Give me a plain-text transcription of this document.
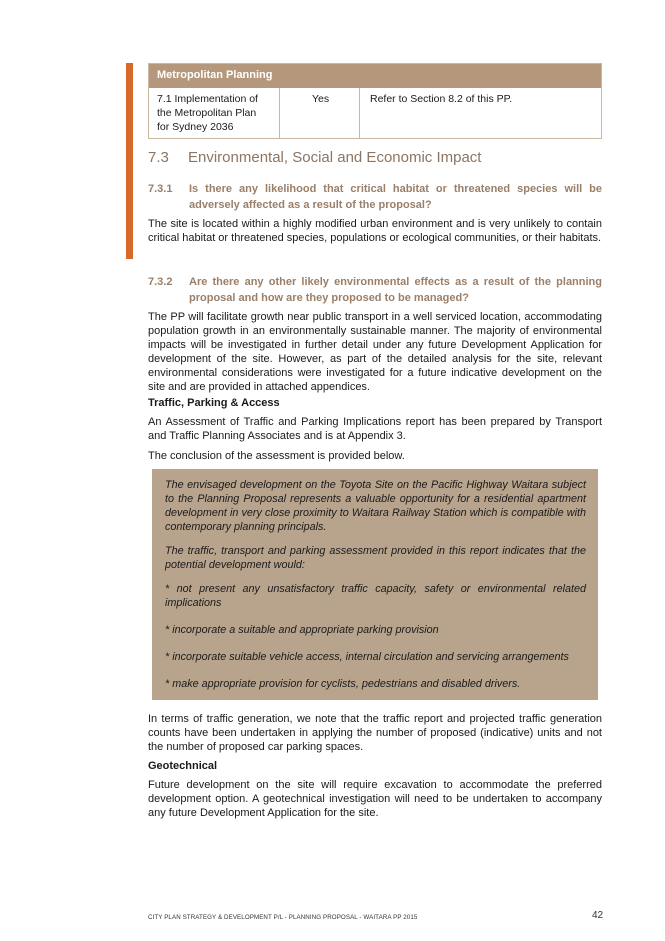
Metropolitan Planning
7.1 Implementation of the Metropolitan Plan for Sydney 2036
Yes	Refer to Section 8.2 of this PP.
7.3 Environmental, Social and Economic Impact
7.3.1 Is there any likelihood that critical habitat or threatened species will be adversely affected as a result of the proposal?

The site is located within a highly modified urban environment and is very unlikely to contain critical habitat or threatened species, populations or ecological communities, or their habitats.

7.3.2 Are there any other likely environmental effects as a result of the planning proposal and how are they proposed to be managed?

The PP will facilitate growth near public transport in a well serviced location, accommodating population growth in an environmentally sustainable manner. The majority of environmental impacts will be investigated in further detail under any future Development Application for development of the site. However, as part of the detailed analysis for the site, relevant environmental considerations were investigated for a future indicative development on the site and are provided in attached appendices.

Traffic, Parking & Access

An Assessment of Traffic and Parking Implications report has been prepared by Transport and Traffic Planning Associates and is at Appendix 3.

The conclusion of the assessment is provided below.

The envisaged development on the Toyota Site on the Pacific Highway Waitara subject to the Planning Proposal represents a valuable opportunity for a residential apartment development in very close proximity to Waitara Railway Station which is compatible with contemporary planning principals.

The traffic, transport and parking assessment provided in this report indicates that the potential development would:

* not present any unsatisfactory traffic capacity, safety or environmental related implications

* incorporate a suitable and appropriate parking provision

* incorporate suitable vehicle access, internal circulation and servicing arrangements

* make appropriate provision for cyclists, pedestrians and disabled drivers.

In terms of traffic generation, we note that the traffic report and projected traffic generation counts have been undertaken in applying the number of proposed (indicative) units and not the number of proposed car parking spaces.

Geotechnical

Future development on the site will require excavation to accommodate the preferred development option. A geotechnical investigation will need to be undertaken to accompany any future Development Application for the site.

CITY PLAN STRATEGY & DEVELOPMENT P/L - PLANNING PROPOSAL - WAITARA PP 2015	42
